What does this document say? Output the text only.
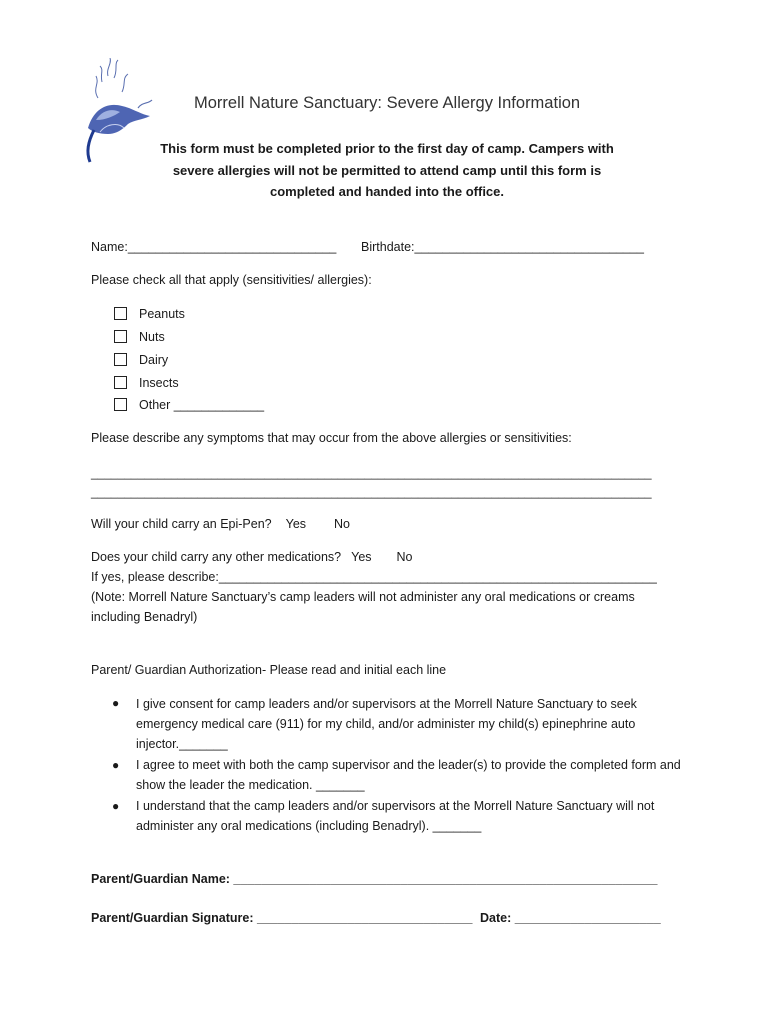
Morrell Nature Sanctuary: Severe Allergy Information
This form must be completed prior to the first day of camp. Campers with severe allergies will not be permitted to attend camp until this form is completed and handed into the office.
Name:______________________________ Birthdate:_________________________________
Please check all that apply (sensitivities/ allergies):
Peanuts
Nuts
Dairy
Insects
Other _____________
Please describe any symptoms that may occur from the above allergies or sensitivities:
____________________________________________________________________________________
____________________________________________________________________________________
Will your child carry an Epi-Pen? Yes No
Does your child carry any other medications? Yes No
If yes, please describe:_______________________________________________________________
(Note: Morrell Nature Sanctuary’s camp leaders will not administer any oral medications or creams
including Benadryl)
Parent/ Guardian Authorization- Please read and initial each line
● I give consent for camp leaders and/or supervisors at the Morrell Nature Sanctuary to seek emergency medical care (911) for my child, and/or administer my child(s) epinephrine auto injector._______
● I agree to meet with both the camp supervisor and the leader(s) to provide the completed form and show the leader the medication. _______
● I understand that the camp leaders and/or supervisors at the Morrell Nature Sanctuary will not administer any oral medications (including Benadryl). _______
Parent/Guardian Name: _____________________________________________________________
Parent/Guardian Signature: _______________________________ Date: _____________________
